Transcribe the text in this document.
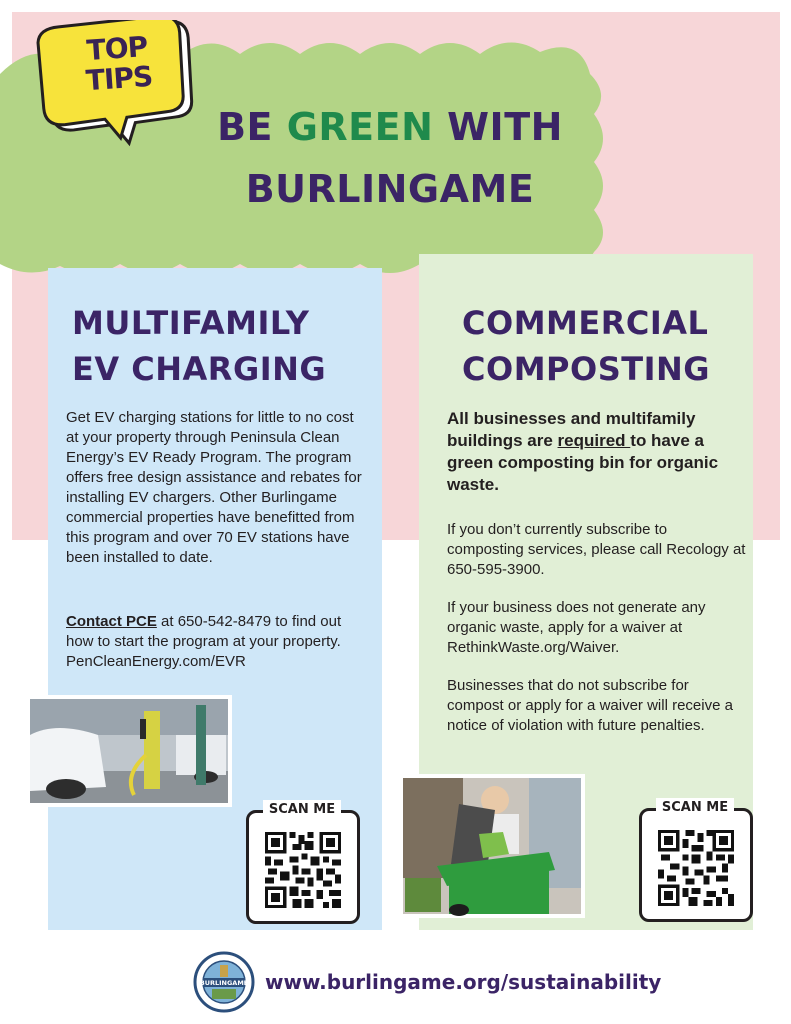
TOP
TIPS
BE GREEN WITH
BURLINGAME
MULTIFAMILY
EV CHARGING
COMMERCIAL
COMPOSTING
Get EV charging stations for little to no cost at your property through Peninsula Clean Energy’s EV Ready Program. The program offers free design assistance and rebates for installing EV chargers. Other Burlingame commercial properties have benefitted from this program and over 70 EV stations have been installed to date.
Contact PCE at 650-542-8479 to find out how to start the program at your property. PenCleanEnergy.com/EVR
All businesses and multifamily buildings are required to have a green composting bin for organic waste.
If you don’t currently subscribe to composting services, please call Recology at 650-595-3900.
If your business does not generate any organic waste, apply for a waiver at RethinkWaste.org/Waiver.
Businesses that do not subscribe for compost or apply for a waiver will receive a notice of violation with future penalties.
SCAN ME	SCAN ME
BURLINGAME www.burlingame.org/sustainability
